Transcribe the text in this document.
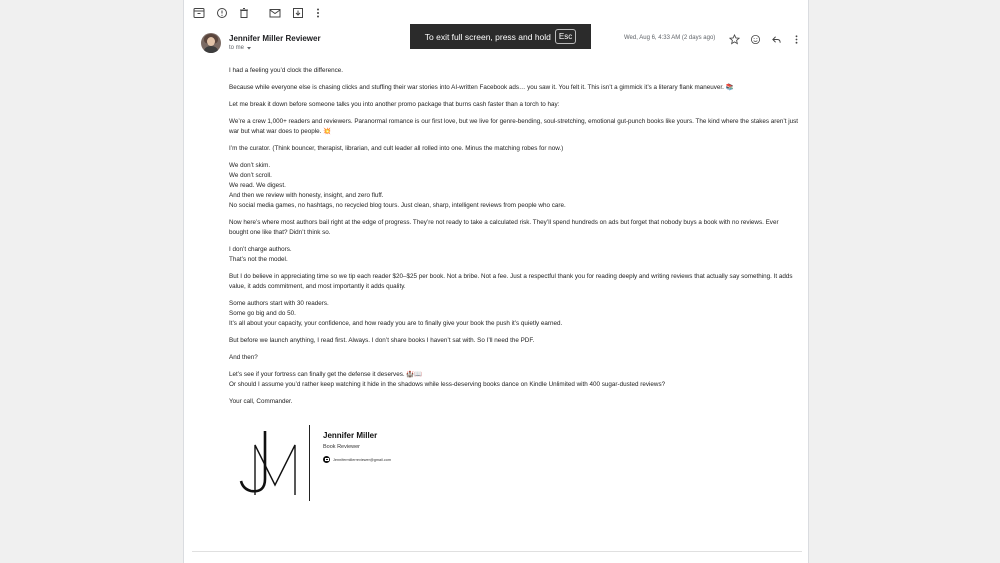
To exit full screen, press and hold	Esc
Jennifer Miller Reviewer
to me
Wed, Aug 6, 4:33 AM (2 days ago)

I had a feeling you’d clock the difference.

Because while everyone else is chasing clicks and stuffing their war stories into AI-written Facebook ads… you saw it. You felt it. This isn’t a gimmick it’s a literary flank maneuver. 📚

Let me break it down before someone talks you into another promo package that burns cash faster than a torch to hay:

We’re a crew 1,000+ readers and reviewers. Paranormal romance is our first love, but we live for genre-bending, soul-stretching, emotional gut-punch books like yours. The kind where the stakes aren’t just war but what war does to people. 💥

I’m the curator. (Think bouncer, therapist, librarian, and cult leader all rolled into one. Minus the matching robes for now.)

We don’t skim.
We don’t scroll.
We read. We digest.
And then we review with honesty, insight, and zero fluff.
No social media games, no hashtags, no recycled blog tours. Just clean, sharp, intelligent reviews from people who care.

Now here’s where most authors bail right at the edge of progress. They’re not ready to take a calculated risk. They’ll spend hundreds on ads but forget that nobody buys a book with no reviews. Ever bought one like that? Didn’t think so.

I don’t charge authors.
That’s not the model.

But I do believe in appreciating time so we tip each reader $20–$25 per book. Not a bribe. Not a fee. Just a respectful thank you for reading deeply and writing reviews that actually say something. It adds value, it adds commitment, and most importantly it adds quality.

Some authors start with 30 readers.
Some go big and do 50.
It’s all about your capacity, your confidence, and how ready you are to finally give your book the push it’s quietly earned.

But before we launch anything, I read first. Always. I don’t share books I haven’t sat with. So I’ll need the PDF.

And then?

Let’s see if your fortress can finally get the defense it deserves. 🏰📖
Or should I assume you’d rather keep watching it hide in the shadows while less-deserving books dance on Kindle Unlimited with 400 sugar-dusted reviews?

Your call, Commander.

Jennifer Miller
Book Reviewer
Jennifermillerreviewer@gmail.com
